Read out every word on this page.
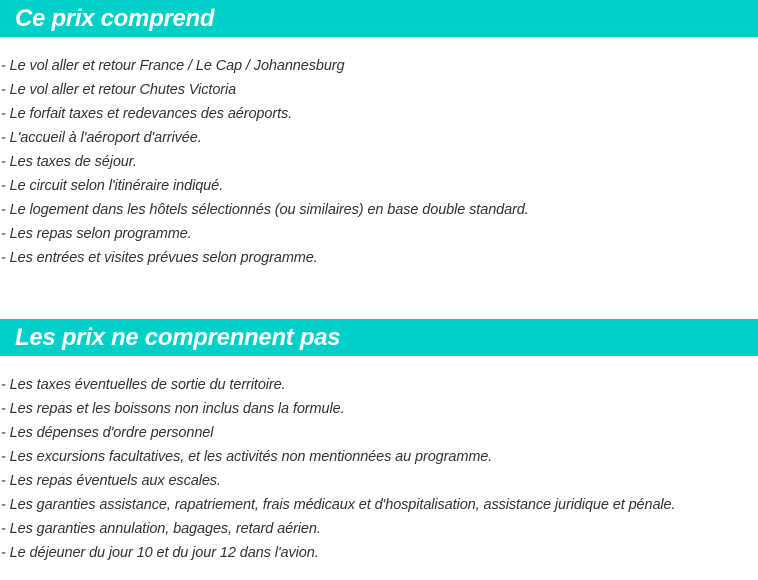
Ce prix comprend
- Le vol aller et retour France / Le Cap / Johannesburg
- Le vol aller et retour Chutes Victoria
- Le forfait taxes et redevances des aéroports.
- L'accueil à l'aéroport d'arrivée.
- Les taxes de séjour.
- Le circuit selon l'itinéraire indiqué.
- Le logement dans les hôtels sélectionnés (ou similaires) en base double standard.
- Les repas selon programme.
- Les entrées et visites prévues selon programme.
Les prix ne comprennent pas
- Les taxes éventuelles de sortie du territoire.
- Les repas et les boissons non inclus dans la formule.
- Les dépenses d'ordre personnel
- Les excursions facultatives, et les activités non mentionnées au programme.
- Les repas éventuels aux escales.
- Les garanties assistance, rapatriement, frais médicaux et d'hospitalisation, assistance juridique et pénale.
- Les garanties annulation, bagages, retard aérien.
- Le déjeuner du jour 10 et du jour 12 dans l'avion.
